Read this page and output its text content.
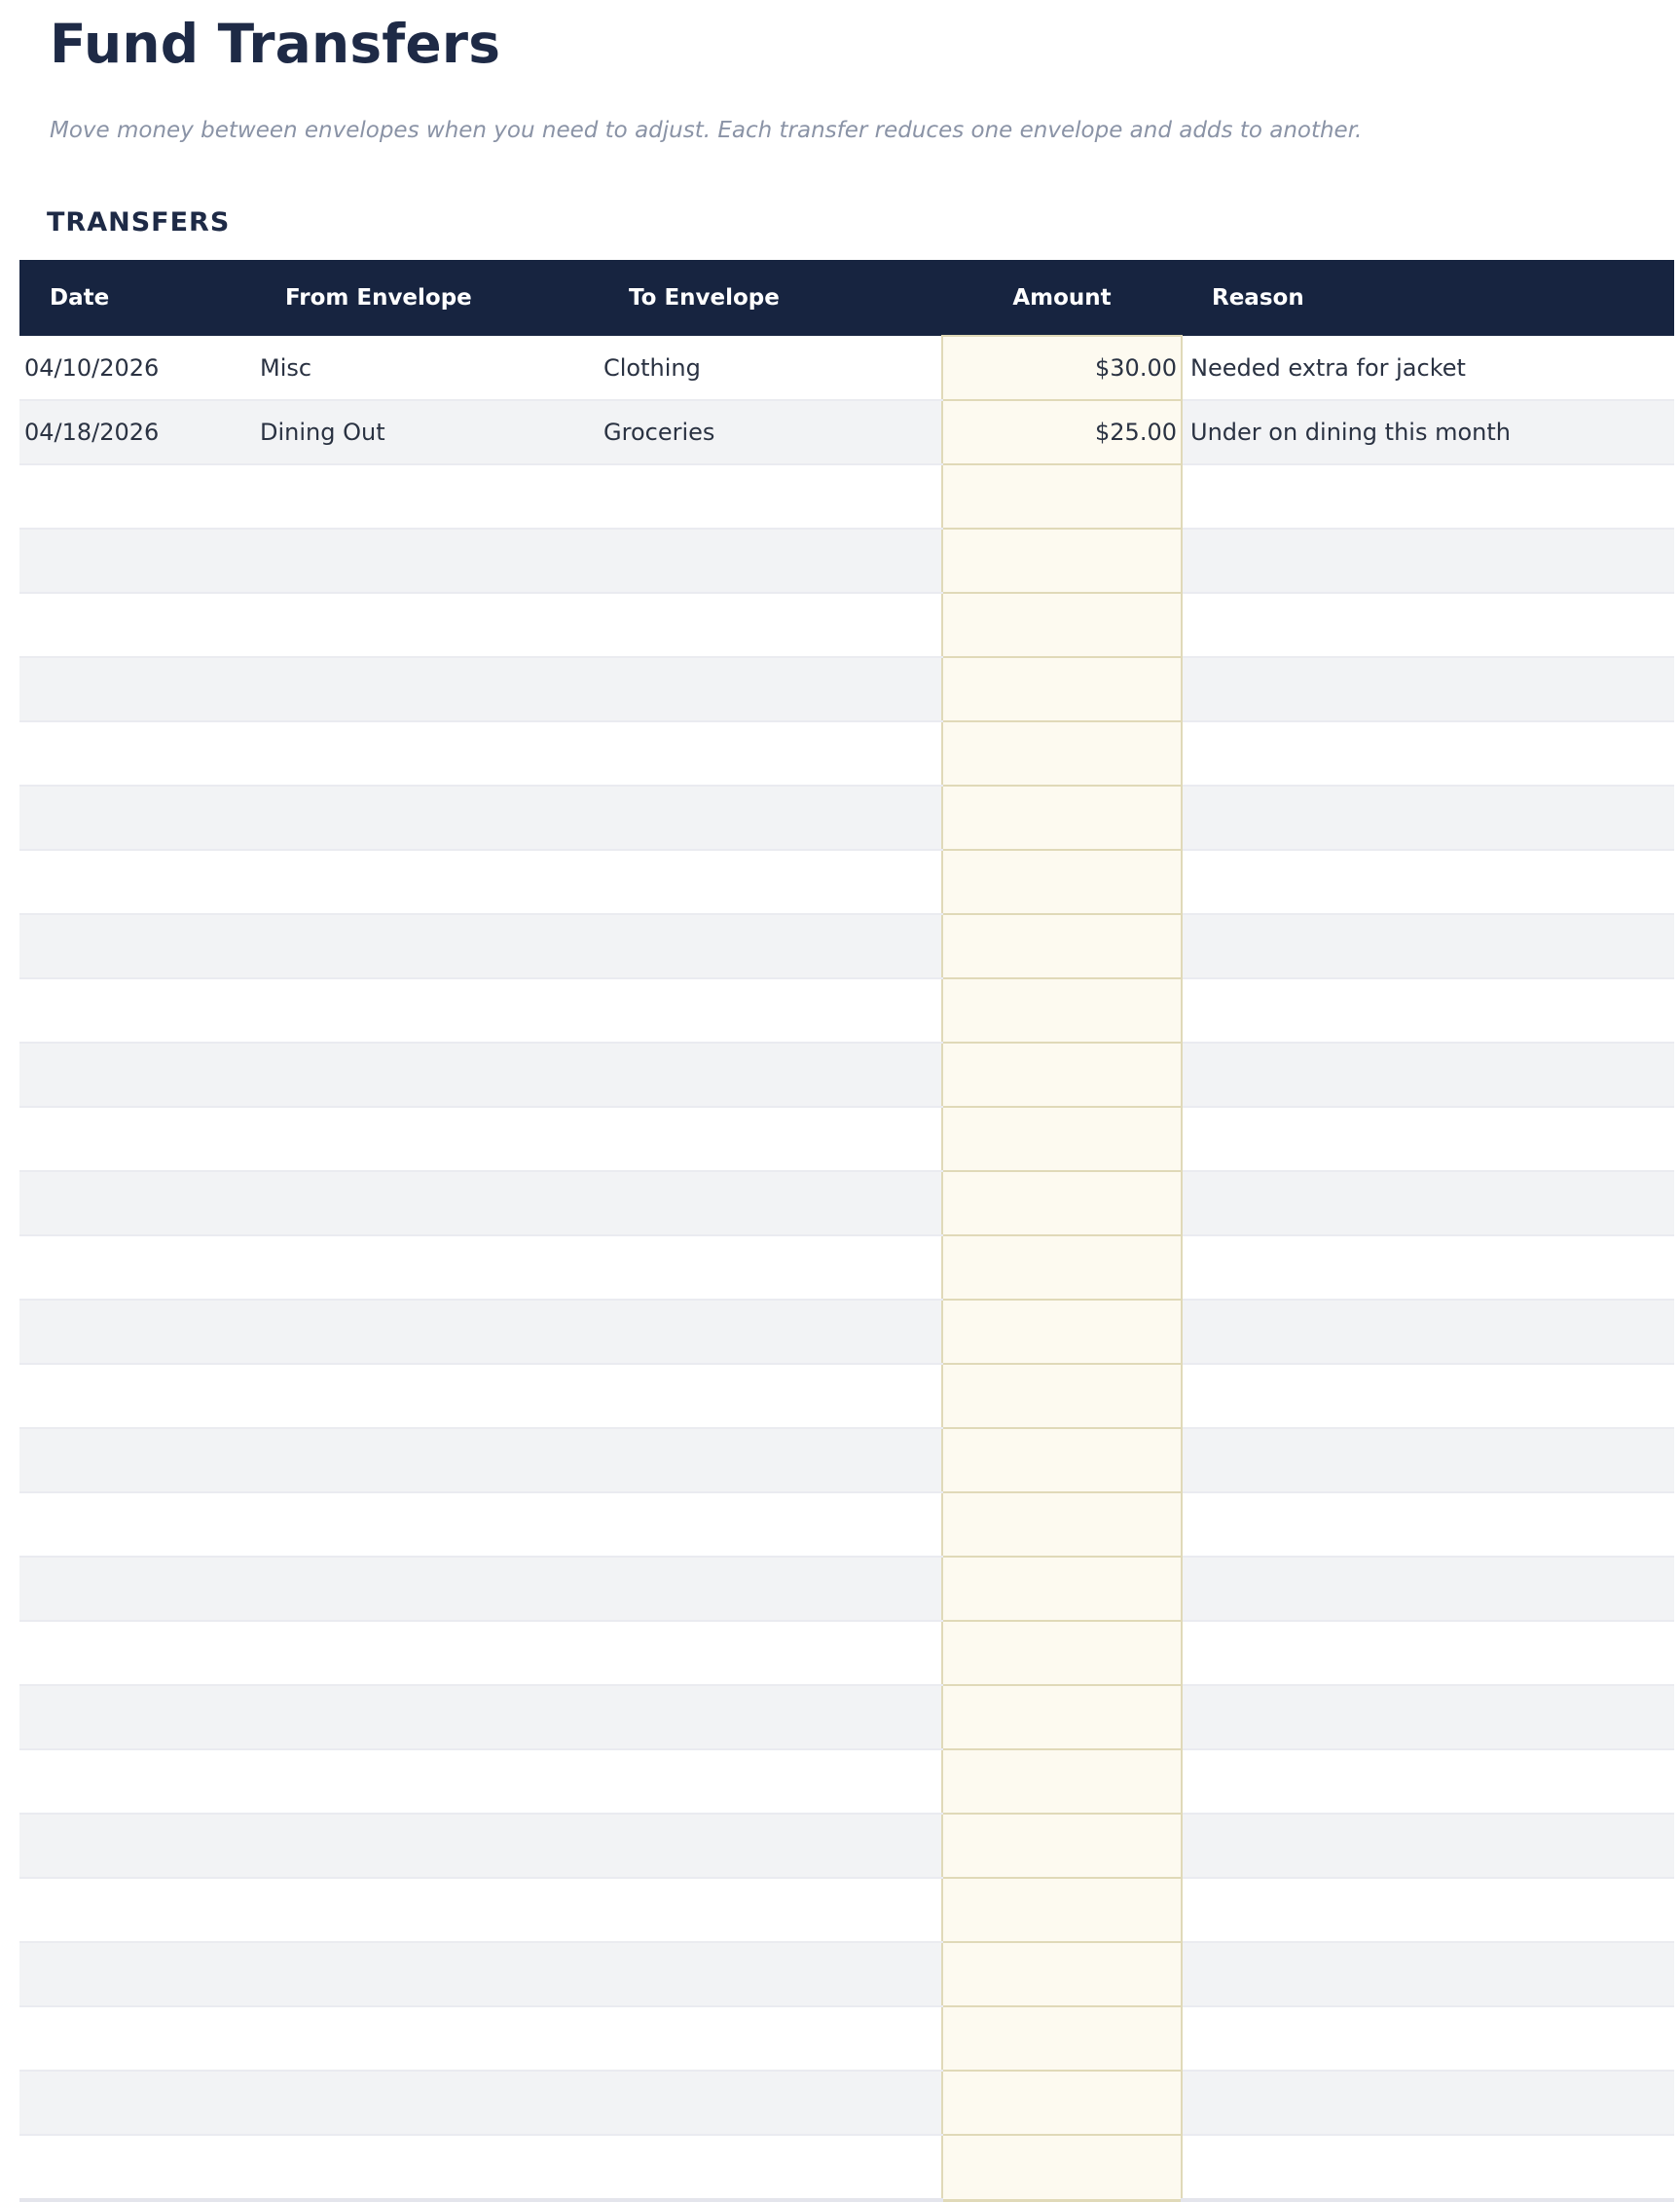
Fund Transfers

Move money between envelopes when you need to adjust. Each transfer reduces one envelope and adds to another.

TRANSFERS
Date	From Envelope	To Envelope	Amount	Reason
04/10/2026	Misc	Clothing	$30.00	Needed extra for jacket
04/18/2026	Dining Out	Groceries	$25.00	Under on dining this month
